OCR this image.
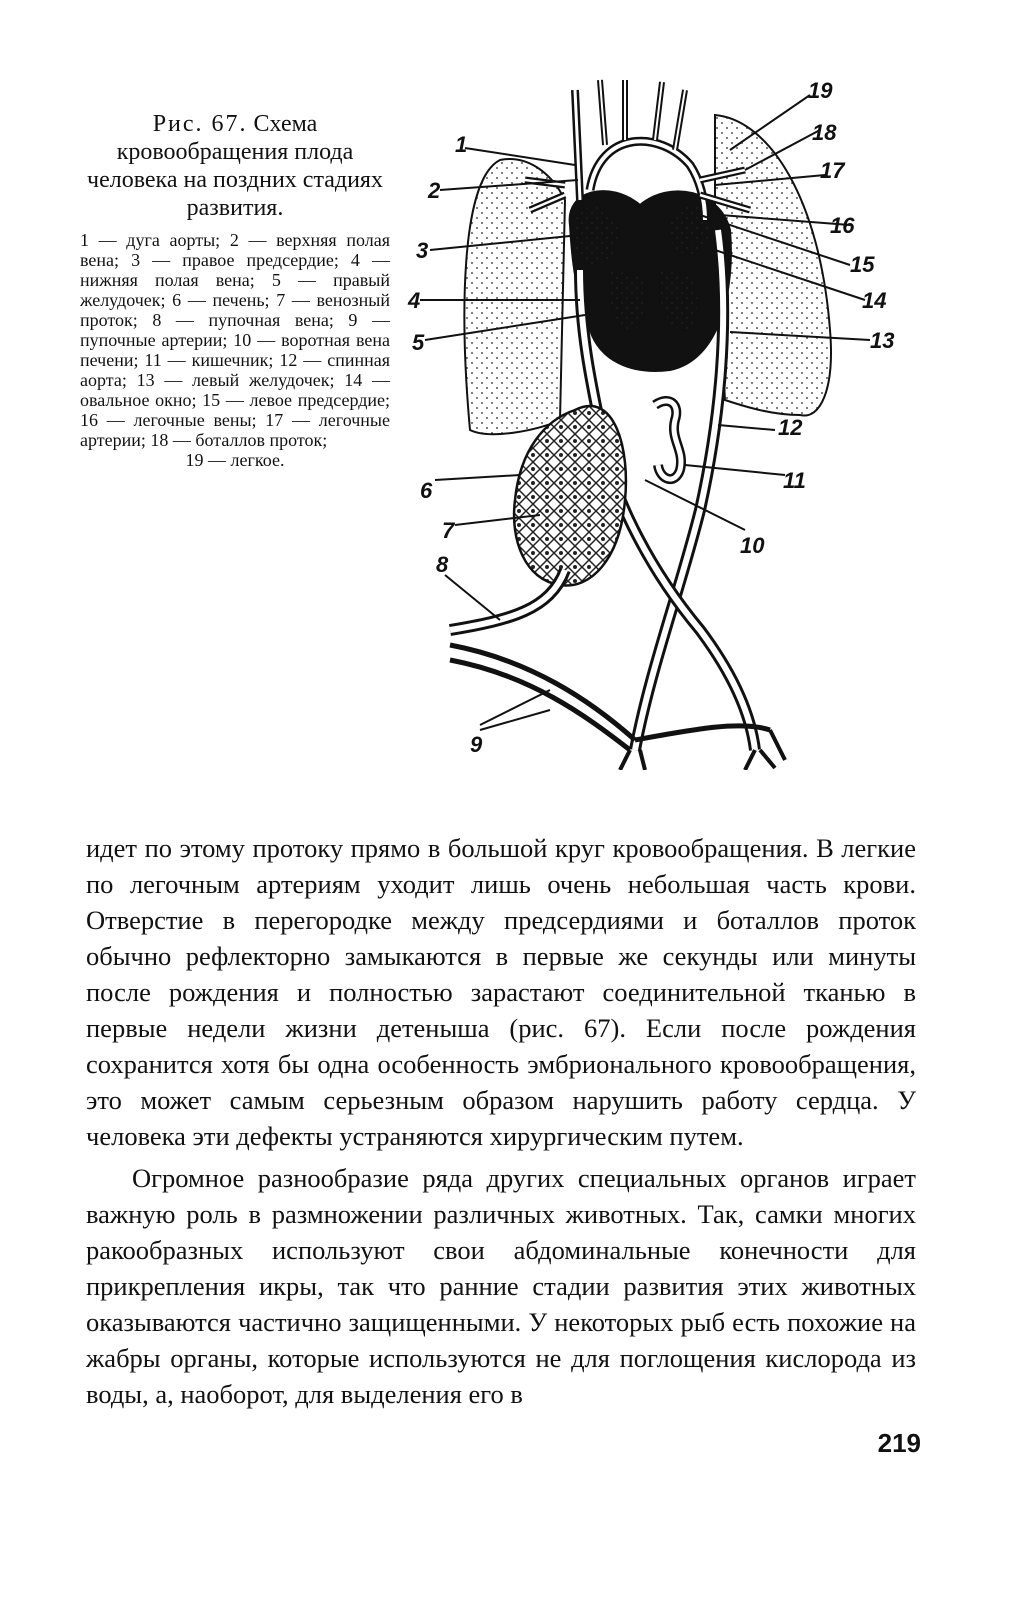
Рис. 67. Схема кровообращения плода человека на поздних стадиях развития.

1 — дуга аорты; 2 — верхняя полая вена; 3 — правое предсердие; 4 — нижняя полая вена; 5 — правый желудочек; 6 — печень; 7 — венозный проток; 8 — пупочная вена; 9 — пупочные артерии; 10 — воротная вена печени; 11 — кишечник; 12 — спинная аорта; 13 — левый желудочек; 14 — овальное окно; 15 — левое предсердие; 16 — легочные вены; 17 — легочные артерии; 18 — боталлов проток;

19 — легкое.

1
2
3
4
5
6
7
8
9
10
11
12
13
14
15
16
17
18
19

идет по этому протоку прямо в большой круг кровообращения. В легкие по легочным артериям уходит лишь очень небольшая часть крови. Отверстие в перегородке между предсердиями и боталлов проток обычно рефлекторно замыкаются в первые же секунды или минуты после рождения и полностью зарастают соединительной тканью в первые недели жизни детеныша (рис. 67). Если после рождения сохранится хотя бы одна особенность эмбрионального кровообращения, это может самым серьезным образом нарушить работу сердца. У человека эти дефекты устраняются хирургическим путем.

Огромное разнообразие ряда других специальных органов играет важную роль в размножении различных животных. Так, самки многих ракообразных используют свои абдоминальные конечности для прикрепления икры, так что ранние стадии развития этих животных оказываются частично защищенными. У некоторых рыб есть похожие на жабры органы, которые используются не для поглощения кислорода из воды, а, наоборот, для выделения его в

219
